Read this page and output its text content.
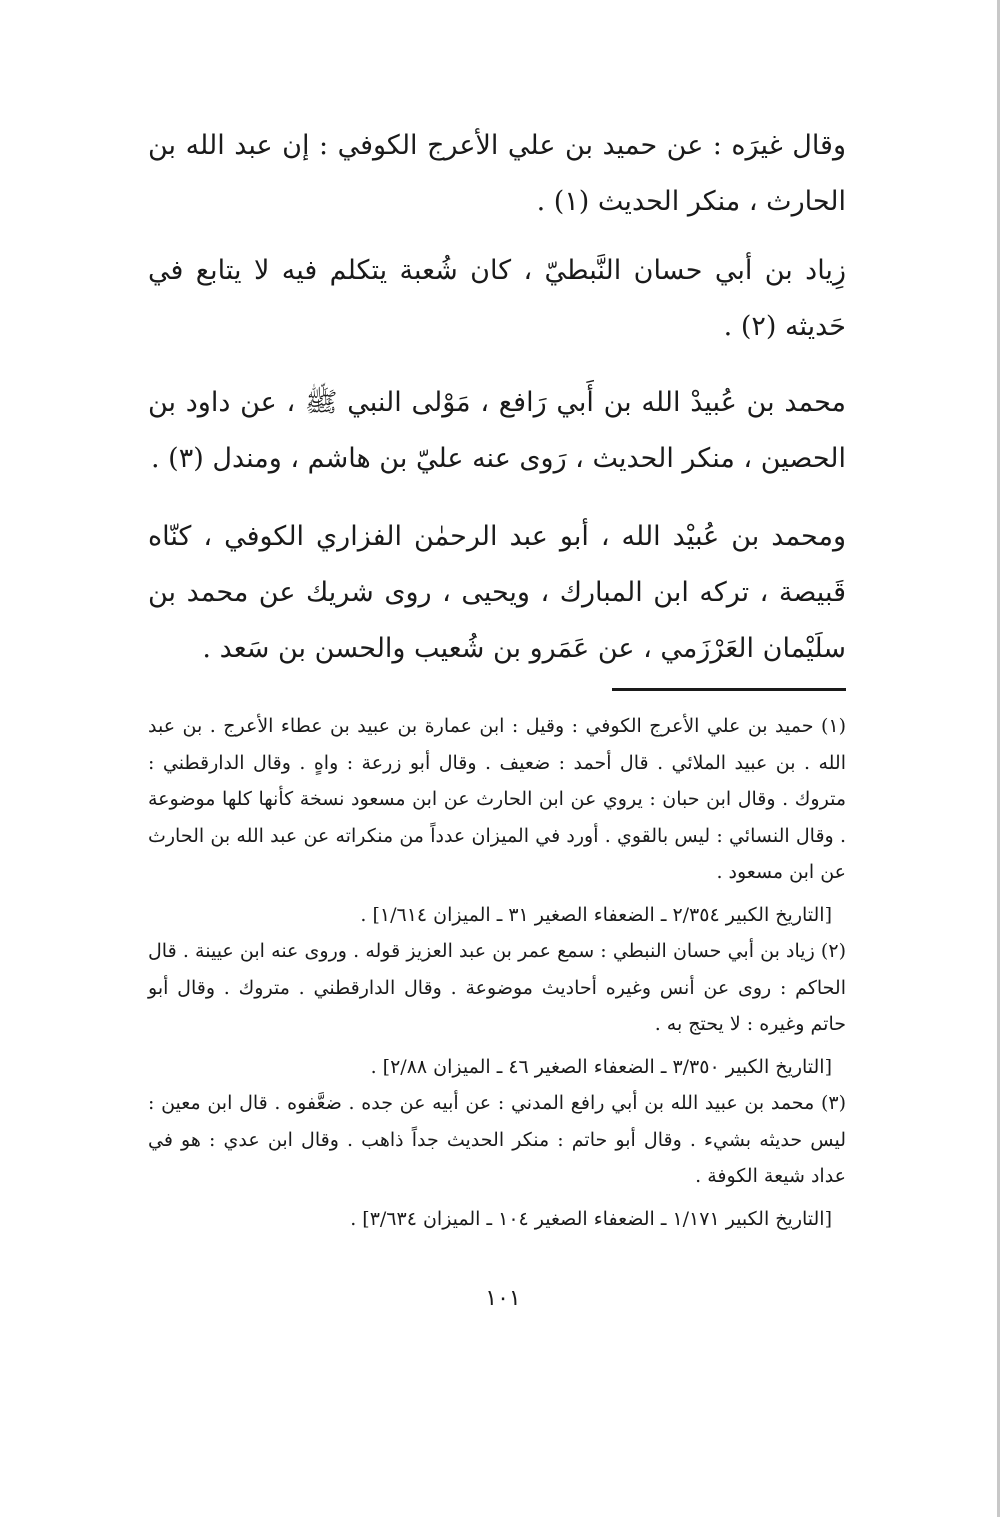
وقال غيرَه : عن حميد بن علي الأعرج الكوفي : إن عبد الله بن الحارث ، منكر الحديث (١) .

زِياد بن أبي حسان النَّبطيّ ، كان شُعبة يتكلم فيه لا يتابع في حَديثه (٢) .

محمد بن عُبيدْ الله بن أَبي رَافع ، مَوْلى النبي ﷺ ، عن داود بن الحصين ، منكر الحديث ، رَوى عنه عليّ بن هاشم ، ومندل (٣) .

ومحمد بن عُبيْد الله ، أبو عبد الرحمٰن الفزاري الكوفي ، كنّاه قَبيصة ، تركه ابن المبارك ، ويحيى ، روى شريك عن محمد بن سلَيْمان العَرْزَمي ، عن عَمَرو بن شُعيب والحسن بن سَعد .

(١) حميد بن علي الأعرج الكوفي : وقيل : ابن عمارة بن عبيد بن عطاء الأعرج . بن عبد الله . بن عبيد الملائي . قال أحمد : ضعيف . وقال أبو زرعة : واهٍ . وقال الدارقطني : متروك . وقال ابن حبان : يروي عن ابن الحارث عن ابن مسعود نسخة كأنها كلها موضوعة . وقال النسائي : ليس بالقوي . أورد في الميزان عدداً من منكراته عن عبد الله بن الحارث عن ابن مسعود .

[التاريخ الكبير ٢/٣٥٤ ـ الضعفاء الصغير ٣١ ـ الميزان ١/٦١٤] .

(٢) زياد بن أبي حسان النبطي : سمع عمر بن عبد العزيز قوله . وروى عنه ابن عيينة . قال الحاكم : روى عن أنس وغيره أحاديث موضوعة . وقال الدارقطني . متروك . وقال أبو حاتم وغيره : لا يحتج به .

[التاريخ الكبير ٣/٣٥٠ ـ الضعفاء الصغير ٤٦ ـ الميزان ٢/٨٨] .

(٣) محمد بن عبيد الله بن أبي رافع المدني : عن أبيه عن جده . ضعَّفوه . قال ابن معين : ليس حديثه بشيء . وقال أبو حاتم : منكر الحديث جداً ذاهب . وقال ابن عدي : هو في عداد شيعة الكوفة .

[التاريخ الكبير ١/١٧١ ـ الضعفاء الصغير ١٠٤ ـ الميزان ٣/٦٣٤] .

١٠١
